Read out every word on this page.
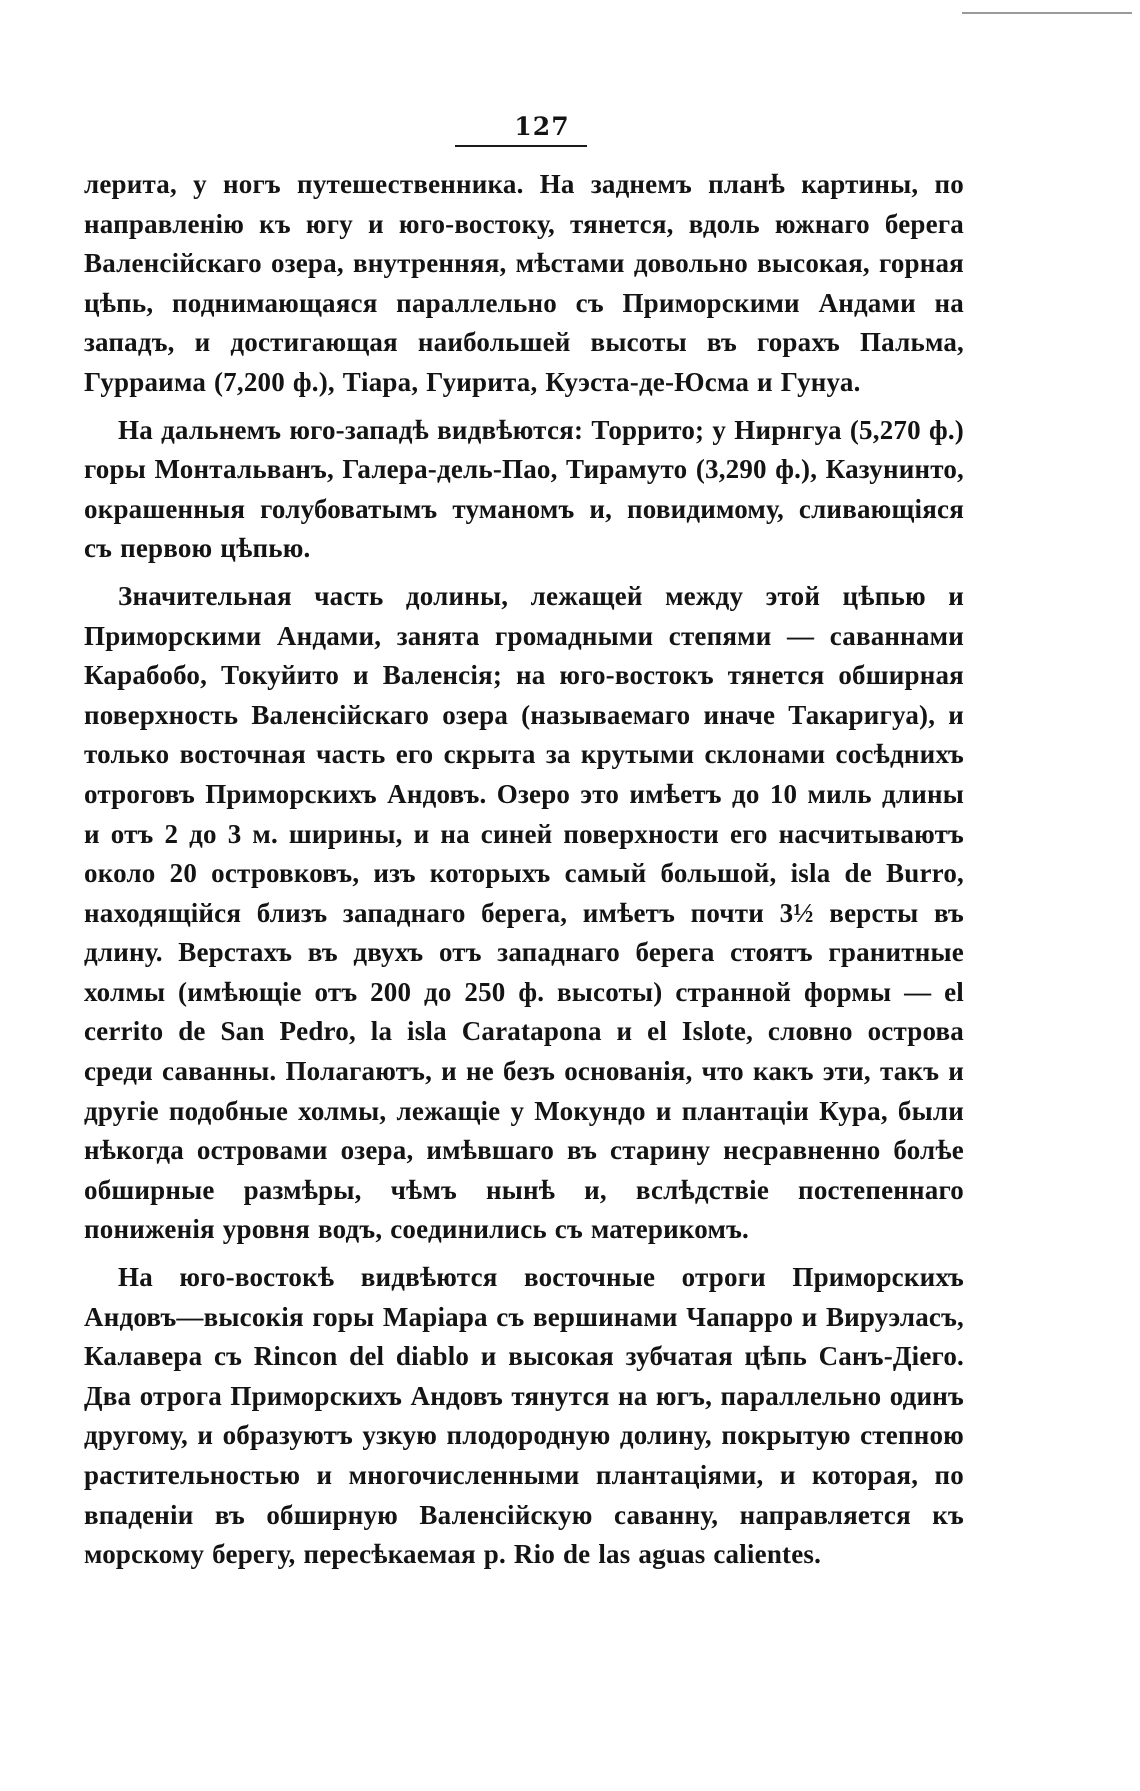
127

лерита, у ногъ путешественника. На заднемъ планѣ картины, по направленію къ югу и юго-востоку, тянется, вдоль южнаго берега Валенсійскаго озера, внутренняя, мѣстами довольно высокая, горная цѣпь, поднимающаяся параллельно съ Приморскими Андами на западъ, и достигающая наибольшей высоты въ горахъ Пальма, Гурраима (7,200 ф.), Тіара, Гуирита, Куэста-де-Юсма и Гунуа.

На дальнемъ юго-западѣ видвѣются: Торрито; у Нирнгуа (5,270 ф.) горы Монтальванъ, Галера-дель-Пао, Тирамуто (3,290 ф.), Казунинто, окрашенныя голубоватымъ туманомъ и, повидимому, сливающіяся съ первою цѣпью.

Значительная часть долины, лежащей между этой цѣпью и Приморскими Андами, занята громадными степями — саваннами Карабобо, Токуйито и Валенсія; на юго-востокъ тянется обширная поверхность Валенсійскаго озера (называемаго иначе Такаригуа), и только восточная часть его скрыта за крутыми склонами сосѣднихъ отроговъ Приморскихъ Андовъ. Озеро это имѣетъ до 10 миль длины и отъ 2 до 3 м. ширины, и на синей поверхности его насчитываютъ около 20 островковъ, изъ которыхъ самый большой, isla de Burro, находящійся близъ западнаго берега, имѣетъ почти 3½ версты въ длину. Верстахъ въ двухъ отъ западнаго берега стоятъ гранитные холмы (имѣющіе отъ 200 до 250 ф. высоты) странной формы — el cerrito de San Pedro, la isla Caratapona и el Islote, словно острова среди саванны. Полагаютъ, и не безъ основанія, что какъ эти, такъ и другіе подобные холмы, лежащіе у Мокундо и плантаціи Кура, были нѣкогда островами озера, имѣвшаго въ старину несравненно болѣе обширные размѣры, чѣмъ нынѣ и, вслѣдствіе постепеннаго пониженія уровня водъ, соединились съ материкомъ.

На юго-востокѣ видвѣются восточные отроги Приморскихъ Андовъ—высокія горы Маріара съ вершинами Чапарро и Вируэласъ, Калавера съ Rincon del diablo и высокая зубчатая цѣпь Санъ-Діего. Два отрога Приморскихъ Андовъ тянутся на югъ, параллельно одинъ другому, и образуютъ узкую плодородную долину, покрытую степною растительностью и многочисленными плантаціями, и которая, по впаденіи въ обширную Валенсійскую саванну, направляется къ морскому берегу, пересѣкаемая р. Rio de las aguas calientes.
